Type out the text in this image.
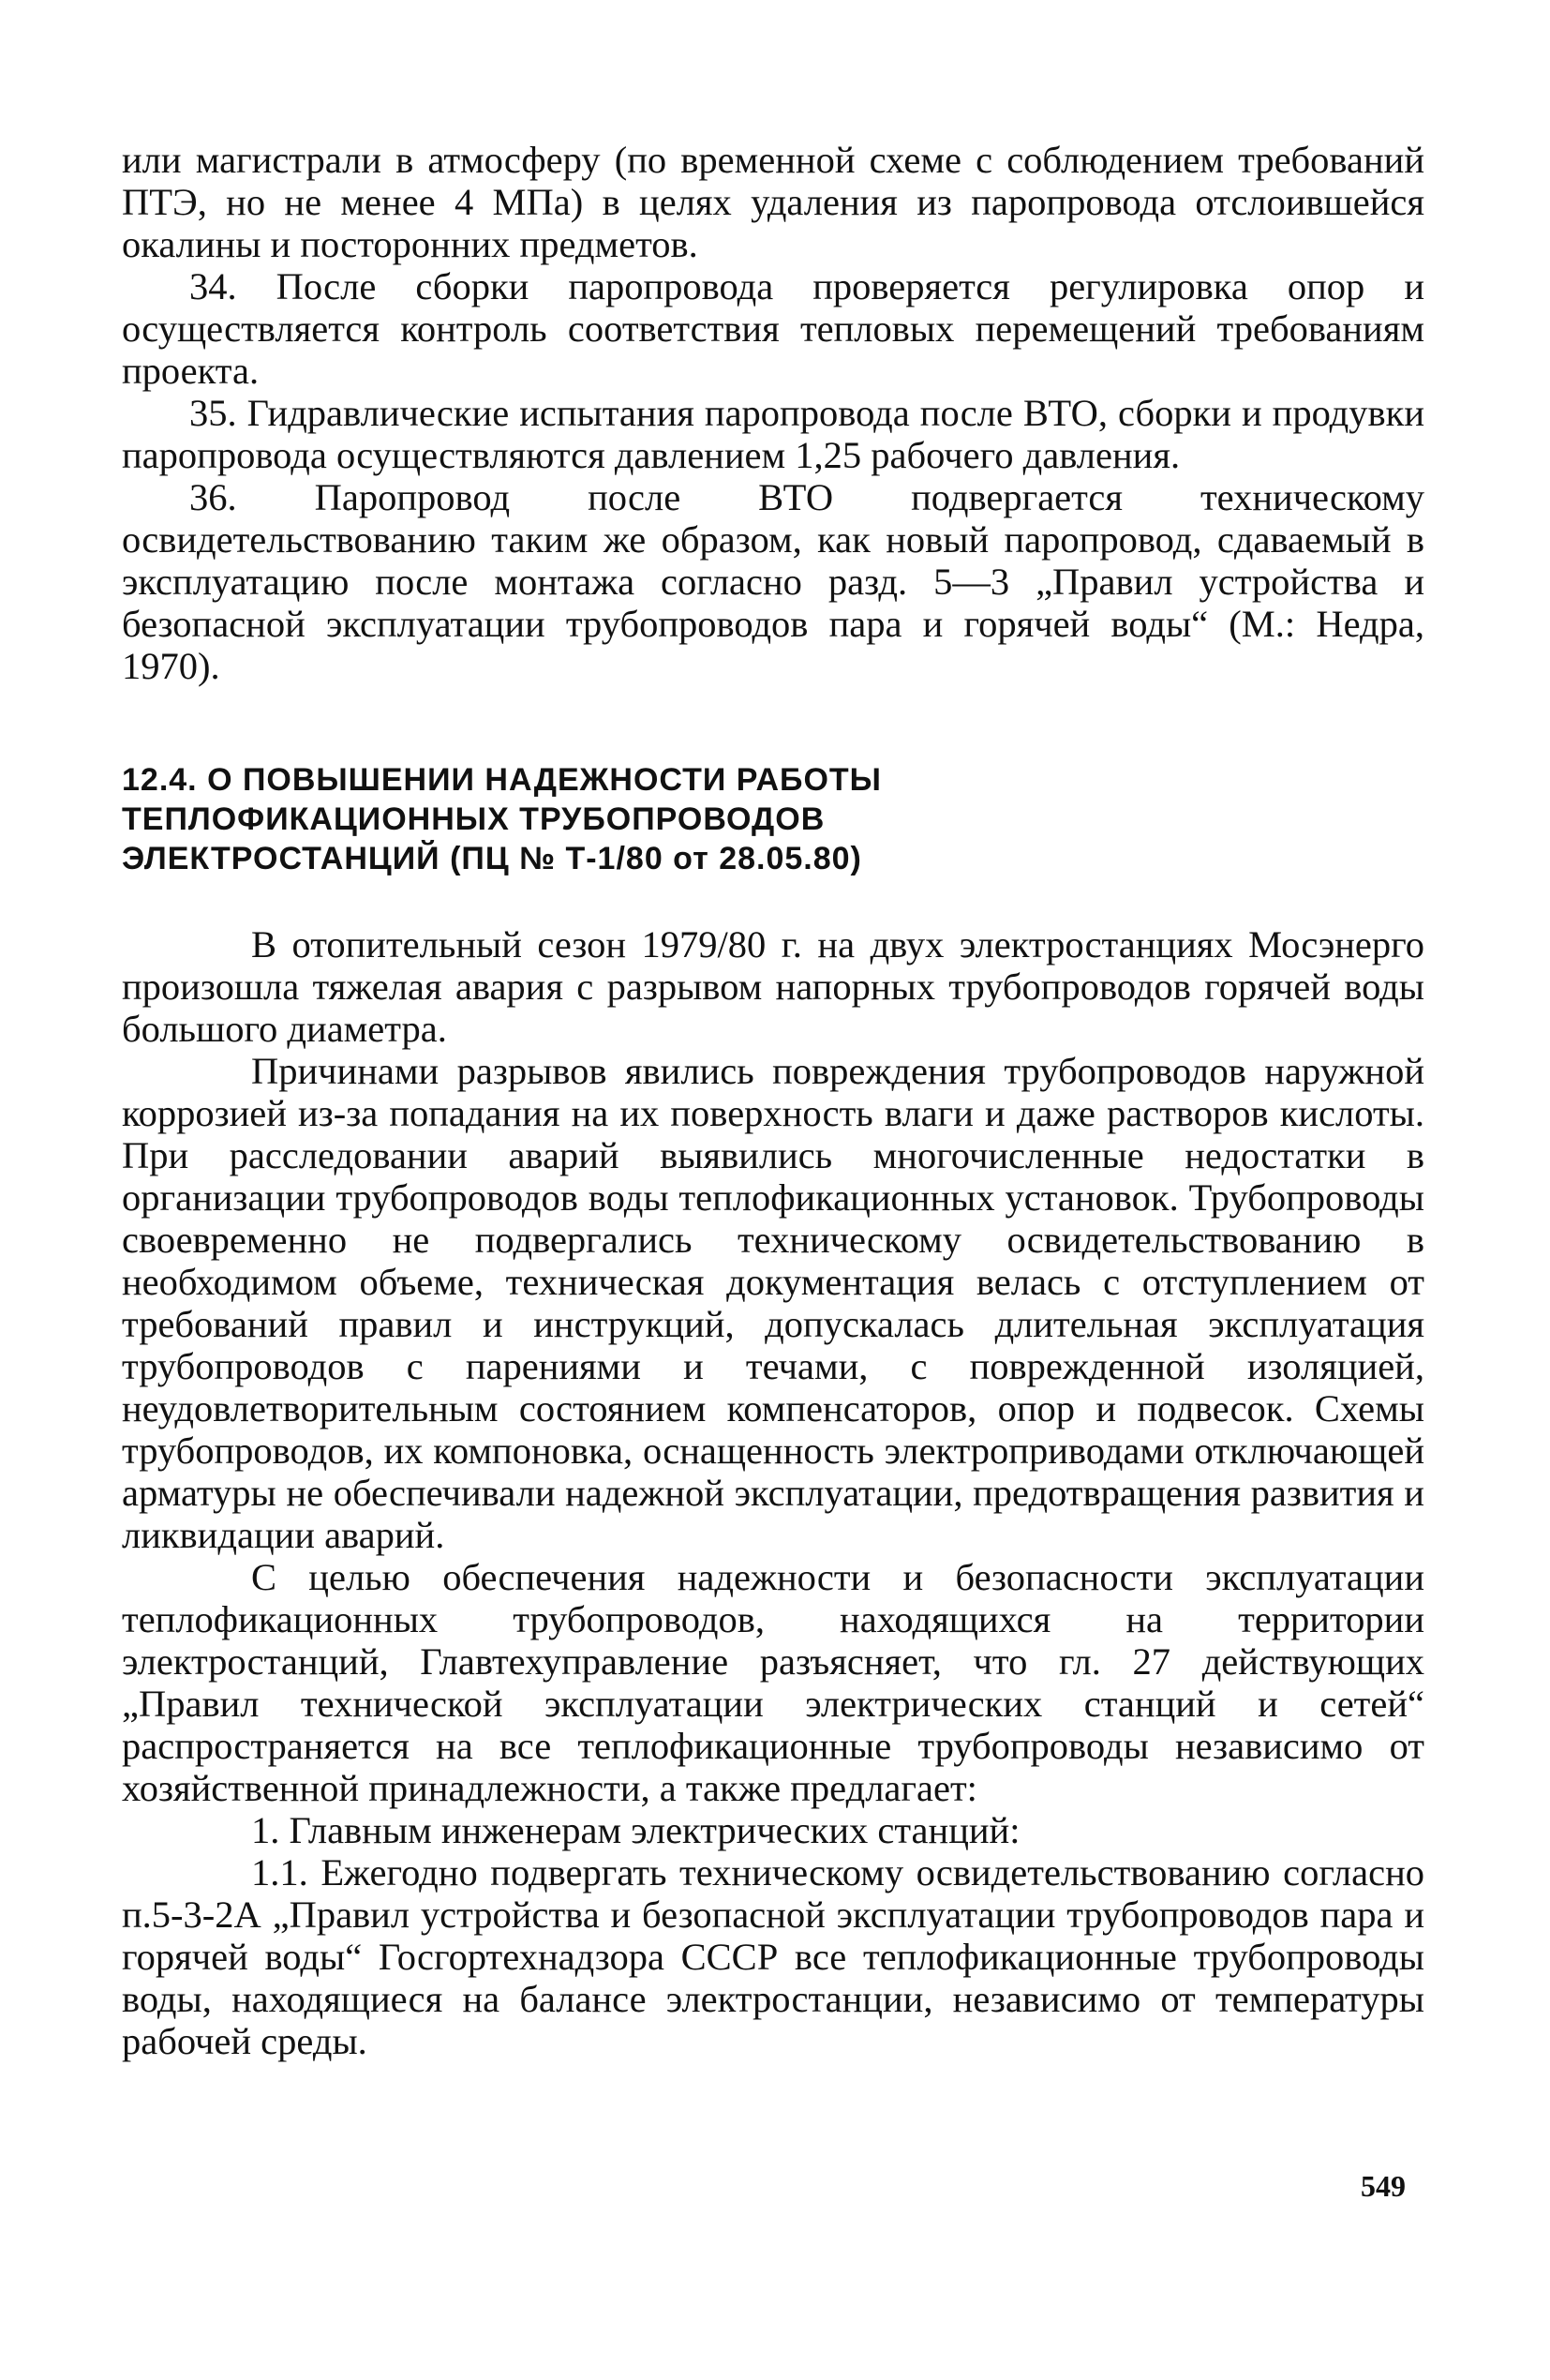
или магистрали в атмосферу (по временной схеме с соблюдением требований ПТЭ, но не менее 4 МПа) в целях удаления из паропровода отслоившейся окалины и посторонних предметов.

34. После сборки паропровода проверяется регулировка опор и осуществляется контроль соответствия тепловых перемещений требованиям проекта.

35. Гидравлические испытания паропровода после ВТО, сборки и продувки паропровода осуществляются давлением 1,25 рабочего давления.

36. Паропровод после ВТО подвергается техническому освидетельствованию таким же образом, как новый паропровод, сдаваемый в эксплуатацию после монтажа согласно разд. 5—3 „Правил устройства и безопасной эксплуатации трубопроводов пара и горячей воды“ (М.: Недра, 1970).

12.4. О ПОВЫШЕНИИ НАДЕЖНОСТИ РАБОТЫ
ТЕПЛОФИКАЦИОННЫХ ТРУБОПРОВОДОВ
ЭЛЕКТРОСТАНЦИЙ (ПЦ № Т-1/80 от 28.05.80)

В отопительный сезон 1979/80 г. на двух электростанциях Мосэнерго произошла тяжелая авария с разрывом напорных трубопроводов горячей воды большого диаметра.

Причинами разрывов явились повреждения трубопроводов наружной коррозией из-за попадания на их поверхность влаги и даже растворов кислоты. При расследовании аварий выявились многочисленные недостатки в организации трубопроводов воды теплофикационных установок. Трубопроводы своевременно не подвергались техническому освидетельствованию в необходимом объеме, техническая документация велась с отступлением от требований правил и инструкций, допускалась длительная эксплуатация трубопроводов с парениями и течами, с поврежденной изоляцией, неудовлетворительным состоянием компенсаторов, опор и подвесок. Схемы трубопроводов, их компоновка, оснащенность электроприводами отключающей арматуры не обеспечивали надежной эксплуатации, предотвращения развития и ликвидации аварий.

С целью обеспечения надежности и безопасности эксплуатации теплофикационных трубопроводов, находящихся на территории электростанций, Главтехуправление разъясняет, что гл. 27 действующих „Правил технической эксплуатации электрических станций и сетей“ распространяется на все теплофикационные трубопроводы независимо от хозяйственной принадлежности, а также предлагает:

1. Главным инженерам электрических станций:

1.1. Ежегодно подвергать техническому освидетельствованию согласно п.5-3-2А „Правил устройства и безопасной эксплуатации трубопроводов пара и горячей воды“ Госгортехнадзора СССР все теплофикационные трубопроводы воды, находящиеся на балансе электростанции, независимо от температуры рабочей среды.

549
